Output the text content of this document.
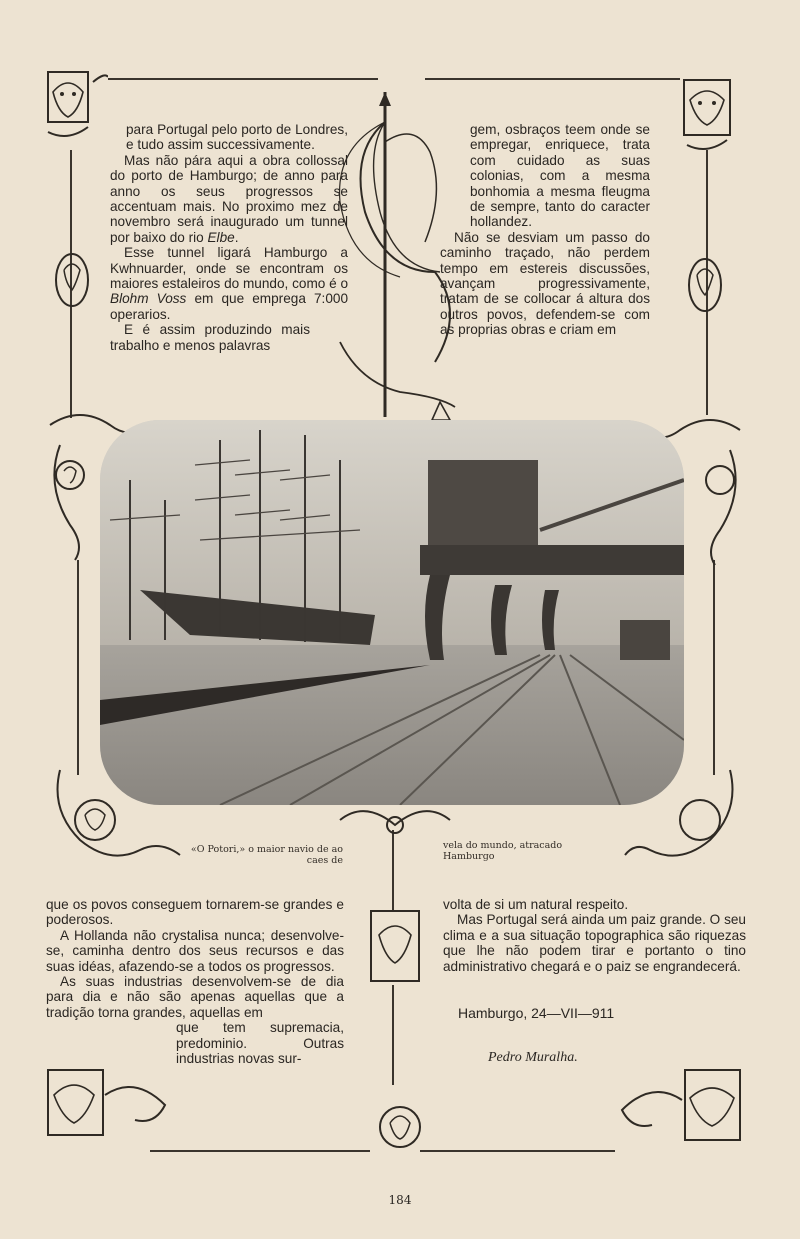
para Portugal pelo porto de Londres, e tudo assim successivamente.

Mas não pára aqui a obra collossal do porto de Hamburgo; de anno para anno os seus progressos se accentuam mais. No proximo mez de novembro será inaugurado um tunnel por baixo do rio Elbe.

Esse tunnel ligará Hamburgo a Kwhnuarder, onde se encontram os maiores estaleiros do mundo, como é o Blohm Voss em que emprega 7:000 operarios.

E é assim produzindo mais trabalho e menos palavras

gem, osbraços teem onde se empregar, enriquece, trata com cuidado as suas colonias, com a mesma bonhomia a mesma fleugma de sempre, tanto do caracter hollandez.

Não se desviam um passo do caminho traçado, não perdem tempo em estereis discussões, avançam progressivamente, tratam de se collocar á altura dos outros povos, defendem-se com as proprias obras e criam em

«O Potori,» o maior navio de ao caes de
vela do mundo, atracado Hamburgo

que os povos conseguem tornarem-se grandes e poderosos.

A Hollanda não crystalisa nunca; desenvolve-se, caminha dentro dos seus recursos e das suas idéas, afazendo-se a todos os progressos.

As suas industrias desenvolvem-se de dia para dia e não são apenas aquellas que a tradição torna grandes, aquellas em

que tem supremacia, predominio. Outras industrias novas sur-

volta de si um natural respeito.

Mas Portugal será ainda um paiz grande. O seu clima e a sua situação topographica são riquezas que lhe não podem tirar e portanto o tino administrativo chegará e o paiz se engrandecerá.

Hamburgo, 24—VII—911
Pedro Muralha.
184
